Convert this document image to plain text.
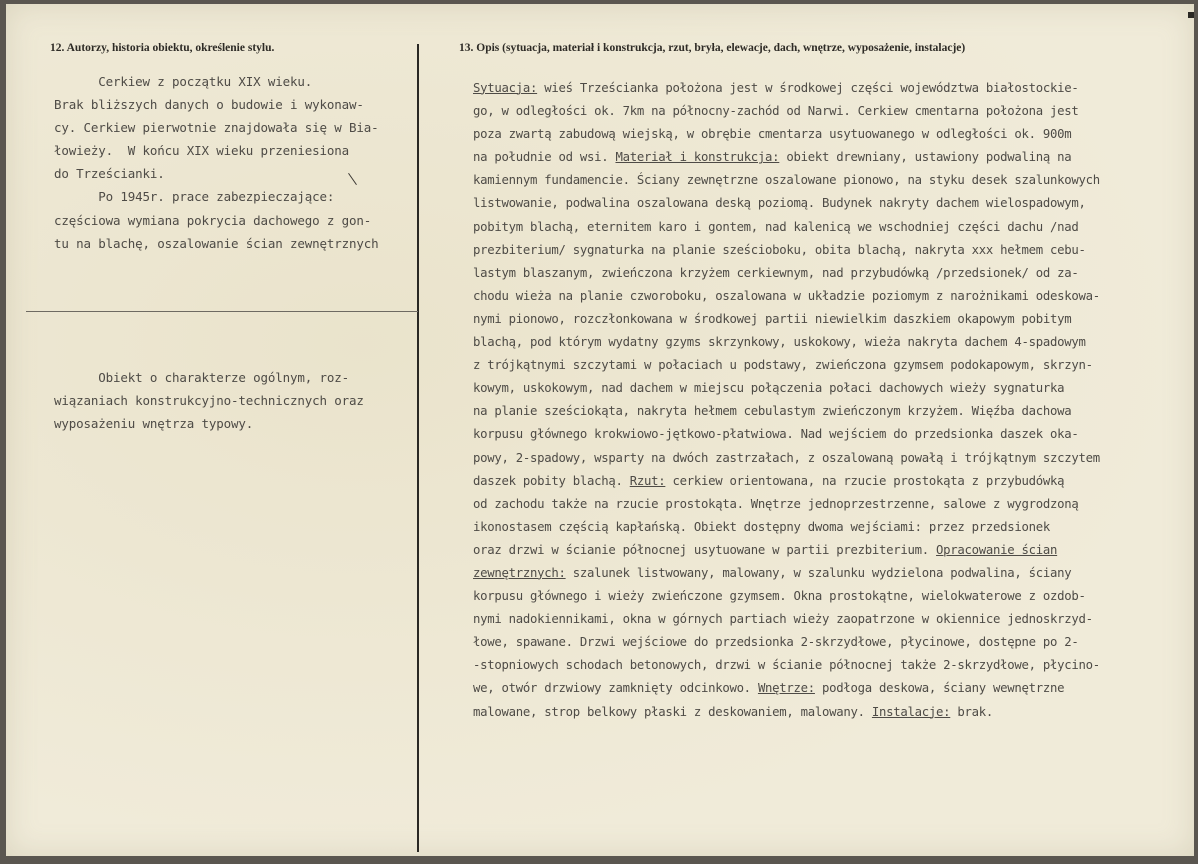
12. Autorzy, historia obiektu, określenie stylu.	13. Opis (sytuacja, materiał i konstrukcja, rzut, bryła, elewacje, dach, wnętrze, wyposażenie, instalacje)
Cerkiew z początku XIX wieku.
Brak bliższych danych o budowie i wykonaw-
cy. Cerkiew pierwotnie znajdowała się w Bia-
łowieży.  W końcu XIX wieku przeniesiona
do Trześcianki.
Po 1945r. prace zabezpieczające:
częściowa wymiana pokrycia dachowego z gon-
tu na blachę, oszalowanie ścian zewnętrznych
Obiekt o charakterze ogólnym, roz-
wiązaniach konstrukcyjno-technicznych oraz
wyposażeniu wnętrza typowy.
Sytuacja: wieś Trześcianka położona jest w środkowej części województwa białostockie-
go, w odległości ok. 7km na północny-zachód od Narwi. Cerkiew cmentarna położona jest
poza zwartą zabudową wiejską, w obrębie cmentarza usytuowanego w odległości ok. 900m
na południe od wsi. Materiał i konstrukcja: obiekt drewniany, ustawiony podwaliną na
kamiennym fundamencie. Ściany zewnętrzne oszalowane pionowo, na styku desek szalunkowych
listwowanie, podwalina oszalowana deską poziomą. Budynek nakryty dachem wielospadowym,
pobitym blachą, eternitem karo i gontem, nad kalenicą we wschodniej części dachu /nad
prezbiterium/ sygnaturka na planie sześcioboku, obita blachą, nakryta xxx hełmem cebu-
lastym blaszanym, zwieńczona krzyżem cerkiewnym, nad przybudówką /przedsionek/ od za-
chodu wieża na planie czworoboku, oszalowana w układzie poziomym z narożnikami odeskowa-
nymi pionowo, rozczłonkowana w środkowej partii niewielkim daszkiem okapowym pobitym
blachą, pod którym wydatny gzyms skrzynkowy, uskokowy, wieża nakryta dachem 4-spadowym
z trójkątnymi szczytami w połaciach u podstawy, zwieńczona gzymsem podokapowym, skrzyn-
kowym, uskokowym, nad dachem w miejscu połączenia połaci dachowych wieży sygnaturka
na planie sześciokąta, nakryta hełmem cebulastym zwieńczonym krzyżem. Więźba dachowa
korpusu głównego krokwiowo-jętkowo-płatwiowa. Nad wejściem do przedsionka daszek oka-
powy, 2-spadowy, wsparty na dwóch zastrzałach, z oszalowaną powałą i trójkątnym szczytem
daszek pobity blachą. Rzut: cerkiew orientowana, na rzucie prostokąta z przybudówką
od zachodu także na rzucie prostokąta. Wnętrze jednoprzestrzenne, salowe z wygrodzoną
ikonostasem częścią kapłańską. Obiekt dostępny dwoma wejściami: przez przedsionek
oraz drzwi w ścianie północnej usytuowane w partii prezbiterium. Opracowanie ścian
zewnętrznych: szalunek listwowany, malowany, w szalunku wydzielona podwalina, ściany
korpusu głównego i wieży zwieńczone gzymsem. Okna prostokątne, wielokwaterowe z ozdob-
nymi nadokiennikami, okna w górnych partiach wieży zaopatrzone w okiennice jednoskrzyd-
łowe, spawane. Drzwi wejściowe do przedsionka 2-skrzydłowe, płycinowe, dostępne po 2-
-stopniowych schodach betonowych, drzwi w ścianie północnej także 2-skrzydłowe, płycino-
we, otwór drzwiowy zamknięty odcinkowo. Wnętrze: podłoga deskowa, ściany wewnętrzne
malowane, strop belkowy płaski z deskowaniem, malowany. Instalacje: brak.
